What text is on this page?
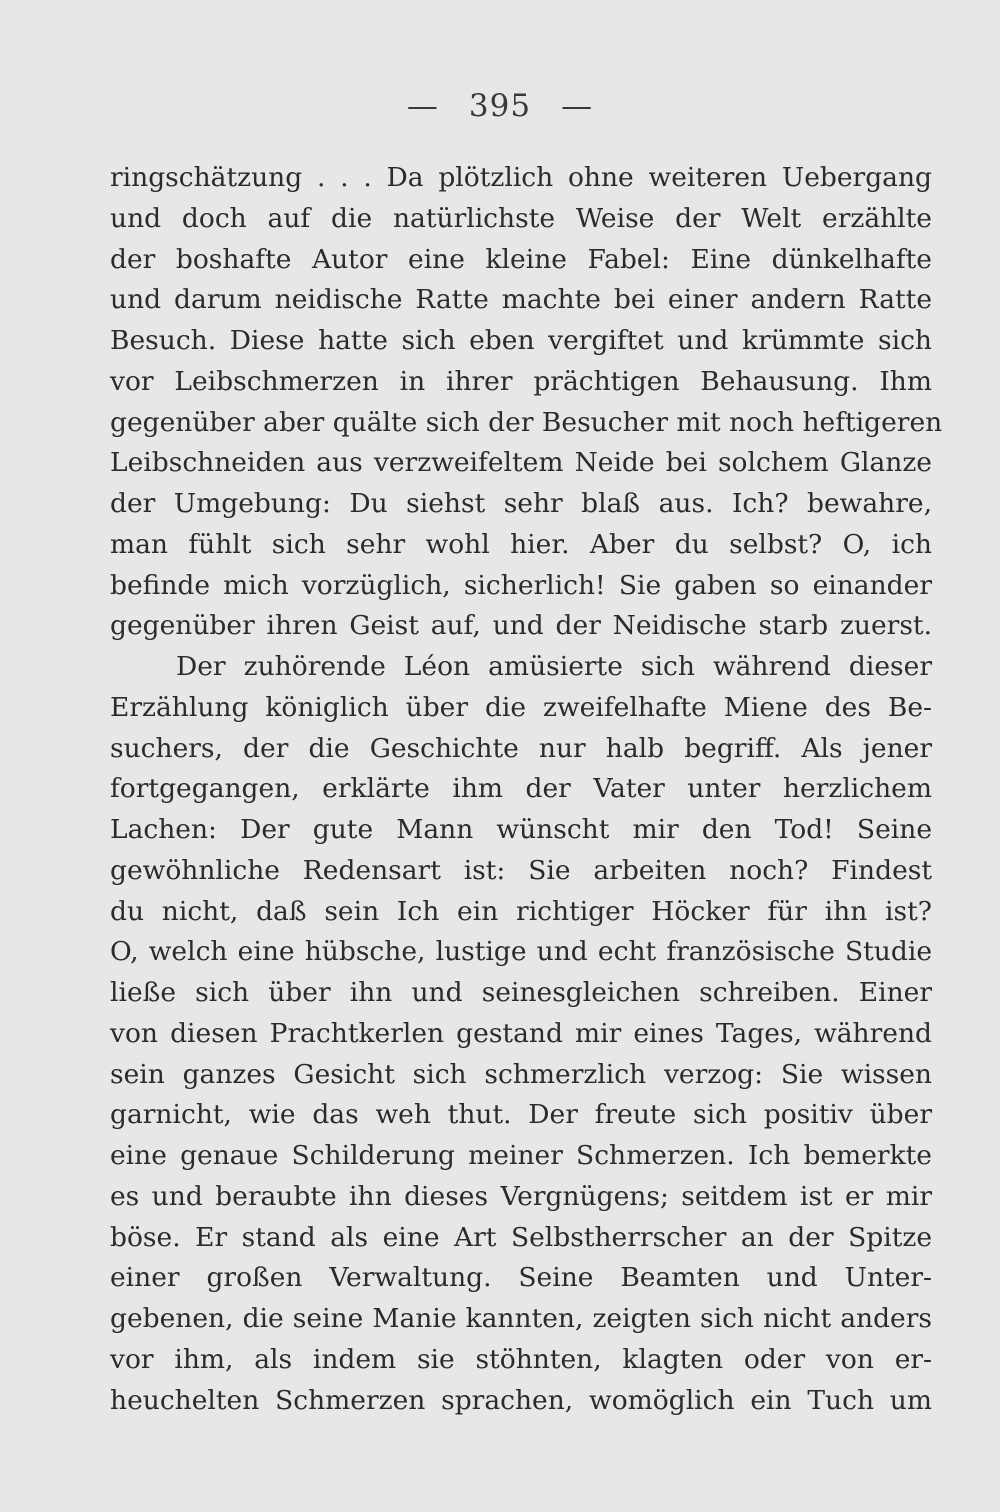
— 395 —
ringschätzung . . . Da plötzlich ohne weiteren Uebergang
und doch auf die natürlichste Weise der Welt erzählte
der boshafte Autor eine kleine Fabel: Eine dünkelhafte
und darum neidische Ratte machte bei einer andern Ratte
Besuch. Diese hatte sich eben vergiftet und krümmte sich
vor Leibschmerzen in ihrer prächtigen Behausung. Ihm
gegenüber aber quälte sich der Besucher mit noch heftigeren
Leibschneiden aus verzweifeltem Neide bei solchem Glanze
der Umgebung: Du siehst sehr blaß aus. Ich? bewahre,
man fühlt sich sehr wohl hier. Aber du selbst? O, ich
befinde mich vorzüglich, sicherlich! Sie gaben so einander
gegenüber ihren Geist auf, und der Neidische starb zuerst.
Der zuhörende Léon amüsierte sich während dieser
Erzählung königlich über die zweifelhafte Miene des Be-
suchers, der die Geschichte nur halb begriff. Als jener
fortgegangen, erklärte ihm der Vater unter herzlichem
Lachen: Der gute Mann wünscht mir den Tod! Seine
gewöhnliche Redensart ist: Sie arbeiten noch? Findest
du nicht, daß sein Ich ein richtiger Höcker für ihn ist?
O, welch eine hübsche, lustige und echt französische Studie
ließe sich über ihn und seinesgleichen schreiben. Einer
von diesen Prachtkerlen gestand mir eines Tages, während
sein ganzes Gesicht sich schmerzlich verzog: Sie wissen
garnicht, wie das weh thut. Der freute sich positiv über
eine genaue Schilderung meiner Schmerzen. Ich bemerkte
es und beraubte ihn dieses Vergnügens; seitdem ist er mir
böse. Er stand als eine Art Selbstherrscher an der Spitze
einer großen Verwaltung. Seine Beamten und Unter-
gebenen, die seine Manie kannten, zeigten sich nicht anders
vor ihm, als indem sie stöhnten, klagten oder von er-
heuchelten Schmerzen sprachen, womöglich ein Tuch um
